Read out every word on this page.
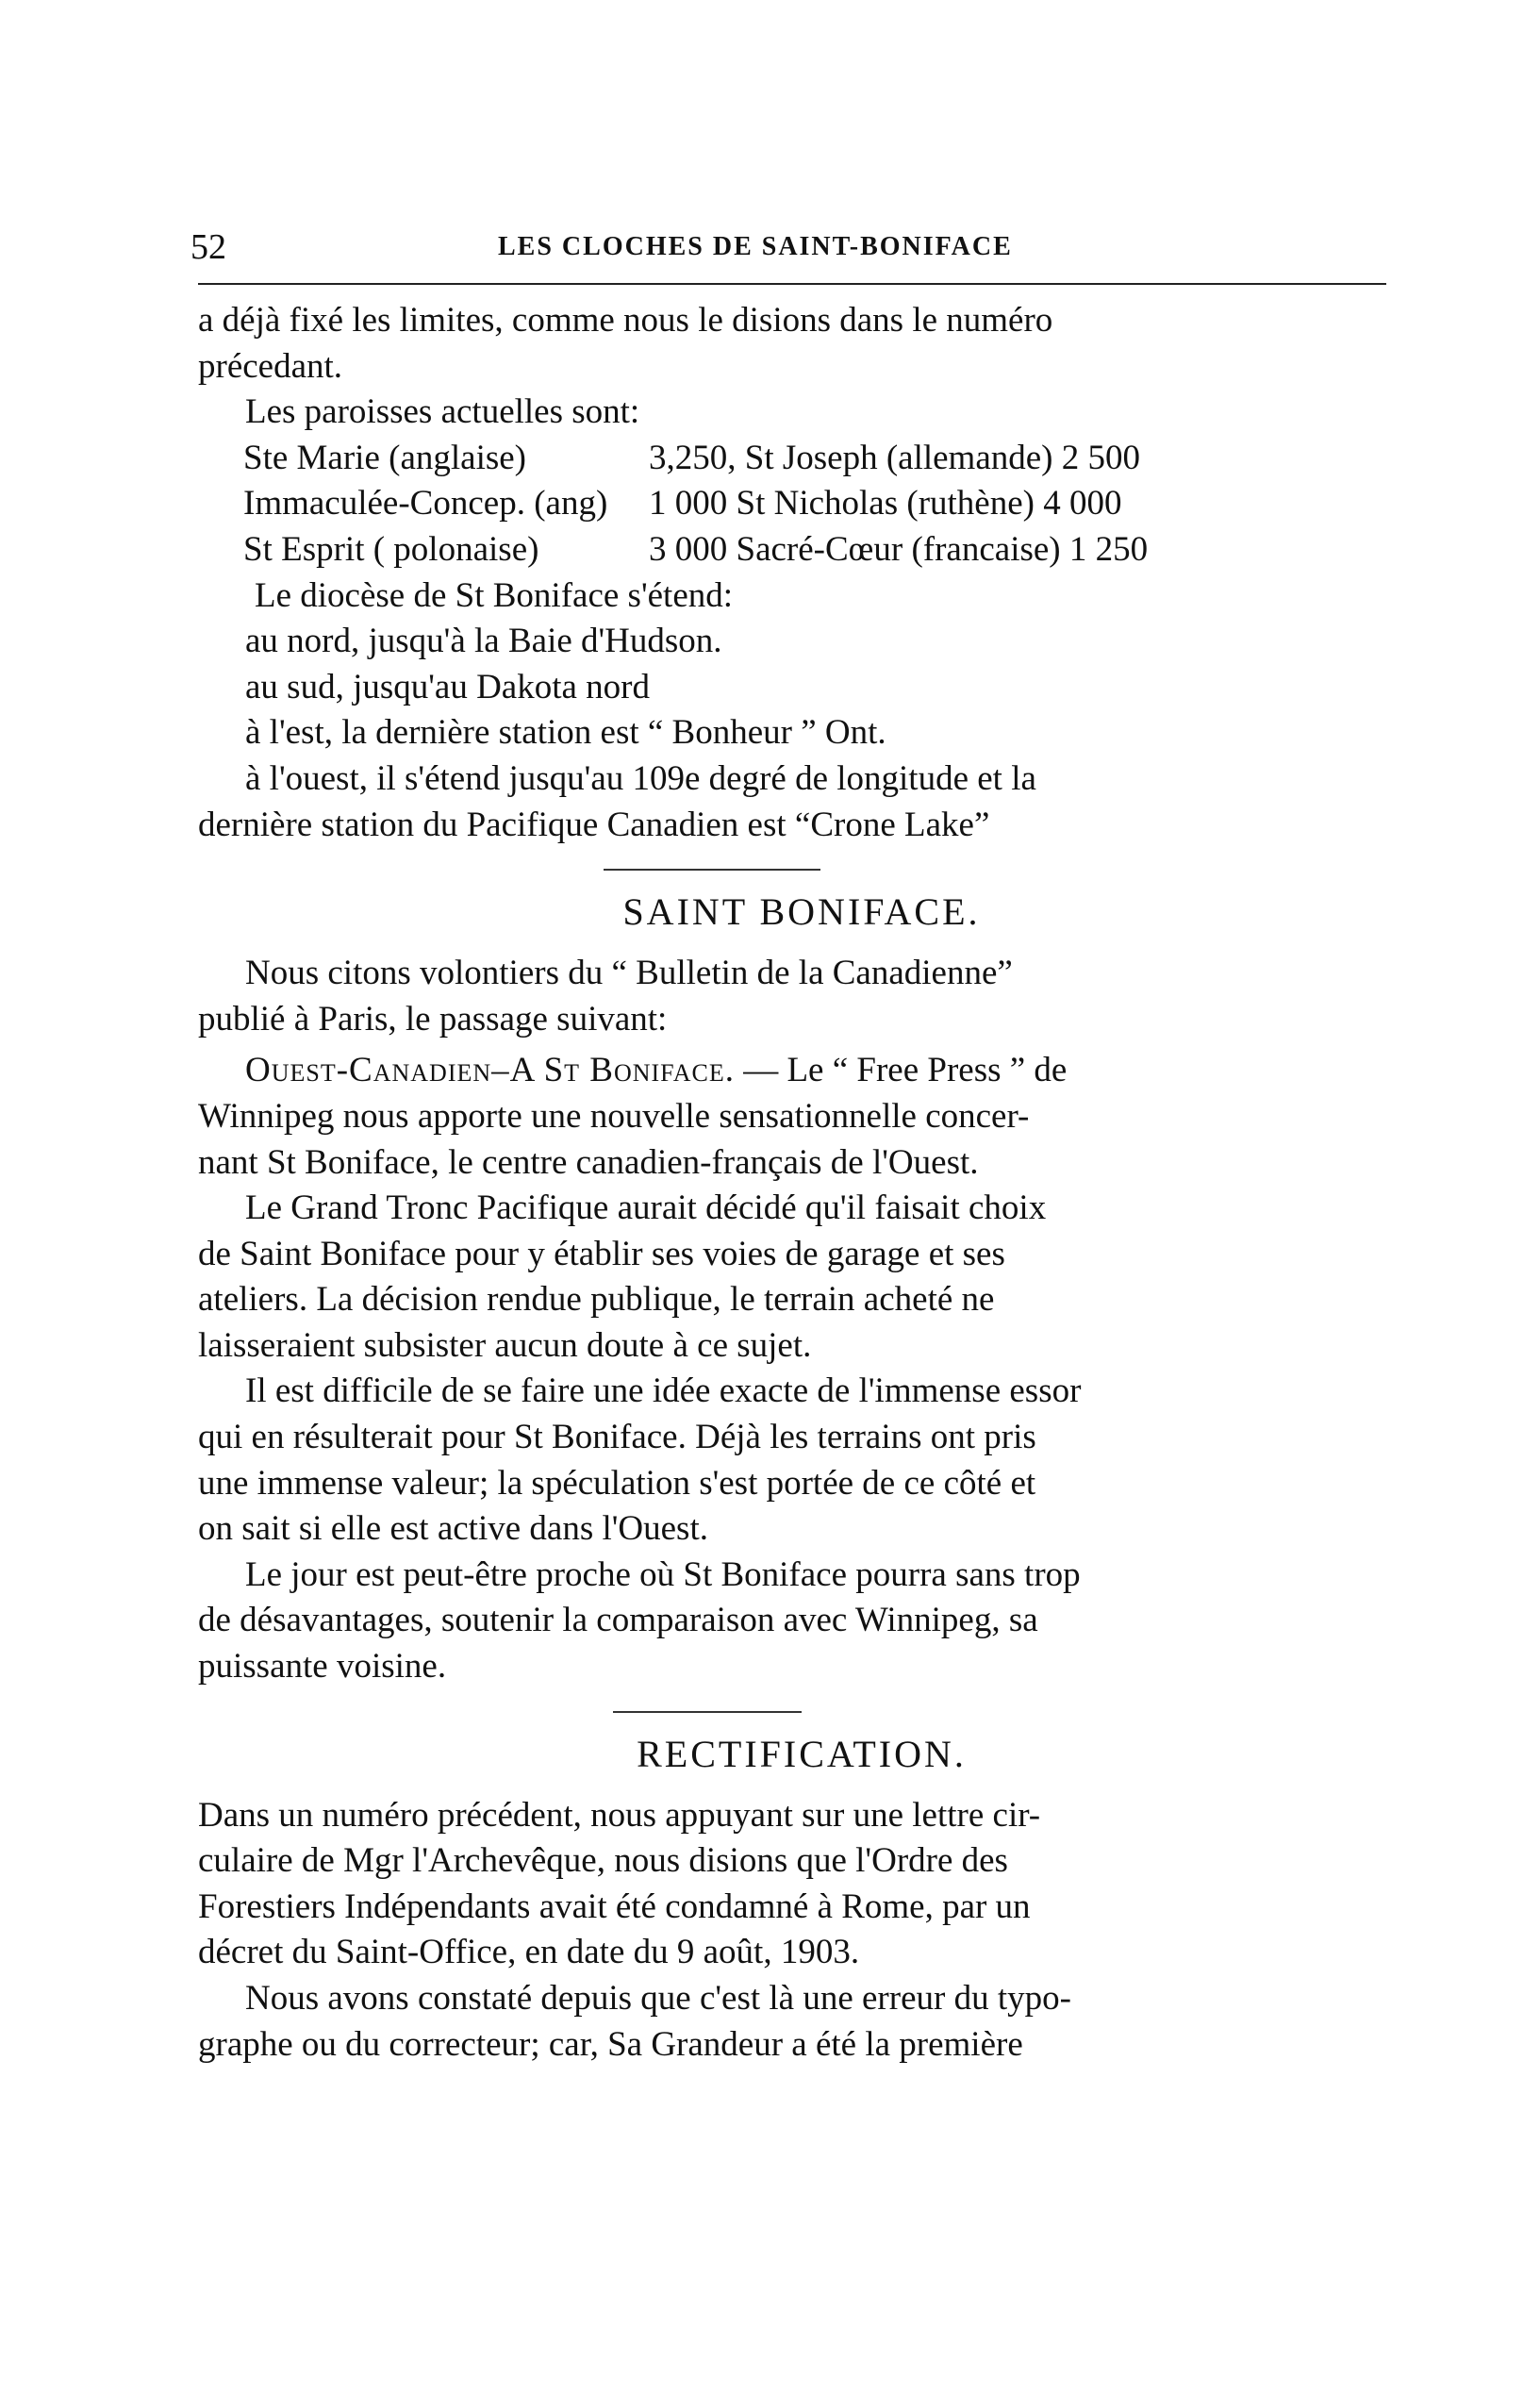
52	LES CLOCHES DE SAINT-BONIFACE
a déjà fixé les limites, comme nous le disions dans le numéro
précedant.
Les paroisses actuelles sont:
Ste Marie (anglaise)	3,250, St Joseph (allemande) 2 500
Immaculée-Concep. (ang)	1 000 St Nicholas (ruthène) 4 000
St Esprit ( polonaise)	3 000 Sacré-Cœur (francaise) 1 250
Le diocèse de St Boniface s'étend:
au nord, jusqu'à la Baie d'Hudson.
au sud, jusqu'au Dakota nord
à l'est, la dernière station est “ Bonheur ” Ont.
à l'ouest, il s'étend jusqu'au 109e degré de longitude et la
dernière station du Pacifique Canadien est “Crone Lake”
SAINT BONIFACE.
Nous citons volontiers du “ Bulletin de la Canadienne”
publié à Paris, le passage suivant:
Ouest-Canadien–A St Boniface. — Le “ Free Press ” de
Winnipeg nous apporte une nouvelle sensationnelle concer-
nant St Boniface, le centre canadien-français de l'Ouest.
Le Grand Tronc Pacifique aurait décidé qu'il faisait choix
de Saint Boniface pour y établir ses voies de garage et ses
ateliers. La décision rendue publique, le terrain acheté ne
laisseraient subsister aucun doute à ce sujet.
Il est difficile de se faire une idée exacte de l'immense essor
qui en résulterait pour St Boniface. Déjà les terrains ont pris
une immense valeur; la spéculation s'est portée de ce côté et
on sait si elle est active dans l'Ouest.
Le jour est peut-être proche où St Boniface pourra sans trop
de désavantages, soutenir la comparaison avec Winnipeg, sa
puissante voisine.
RECTIFICATION.
Dans un numéro précédent, nous appuyant sur une lettre cir-
culaire de Mgr l'Archevêque, nous disions que l'Ordre des
Forestiers Indépendants avait été condamné à Rome, par un
décret du Saint-Office, en date du 9 août, 1903.
Nous avons constaté depuis que c'est là une erreur du typo-
graphe ou du correcteur; car, Sa Grandeur a été la première
